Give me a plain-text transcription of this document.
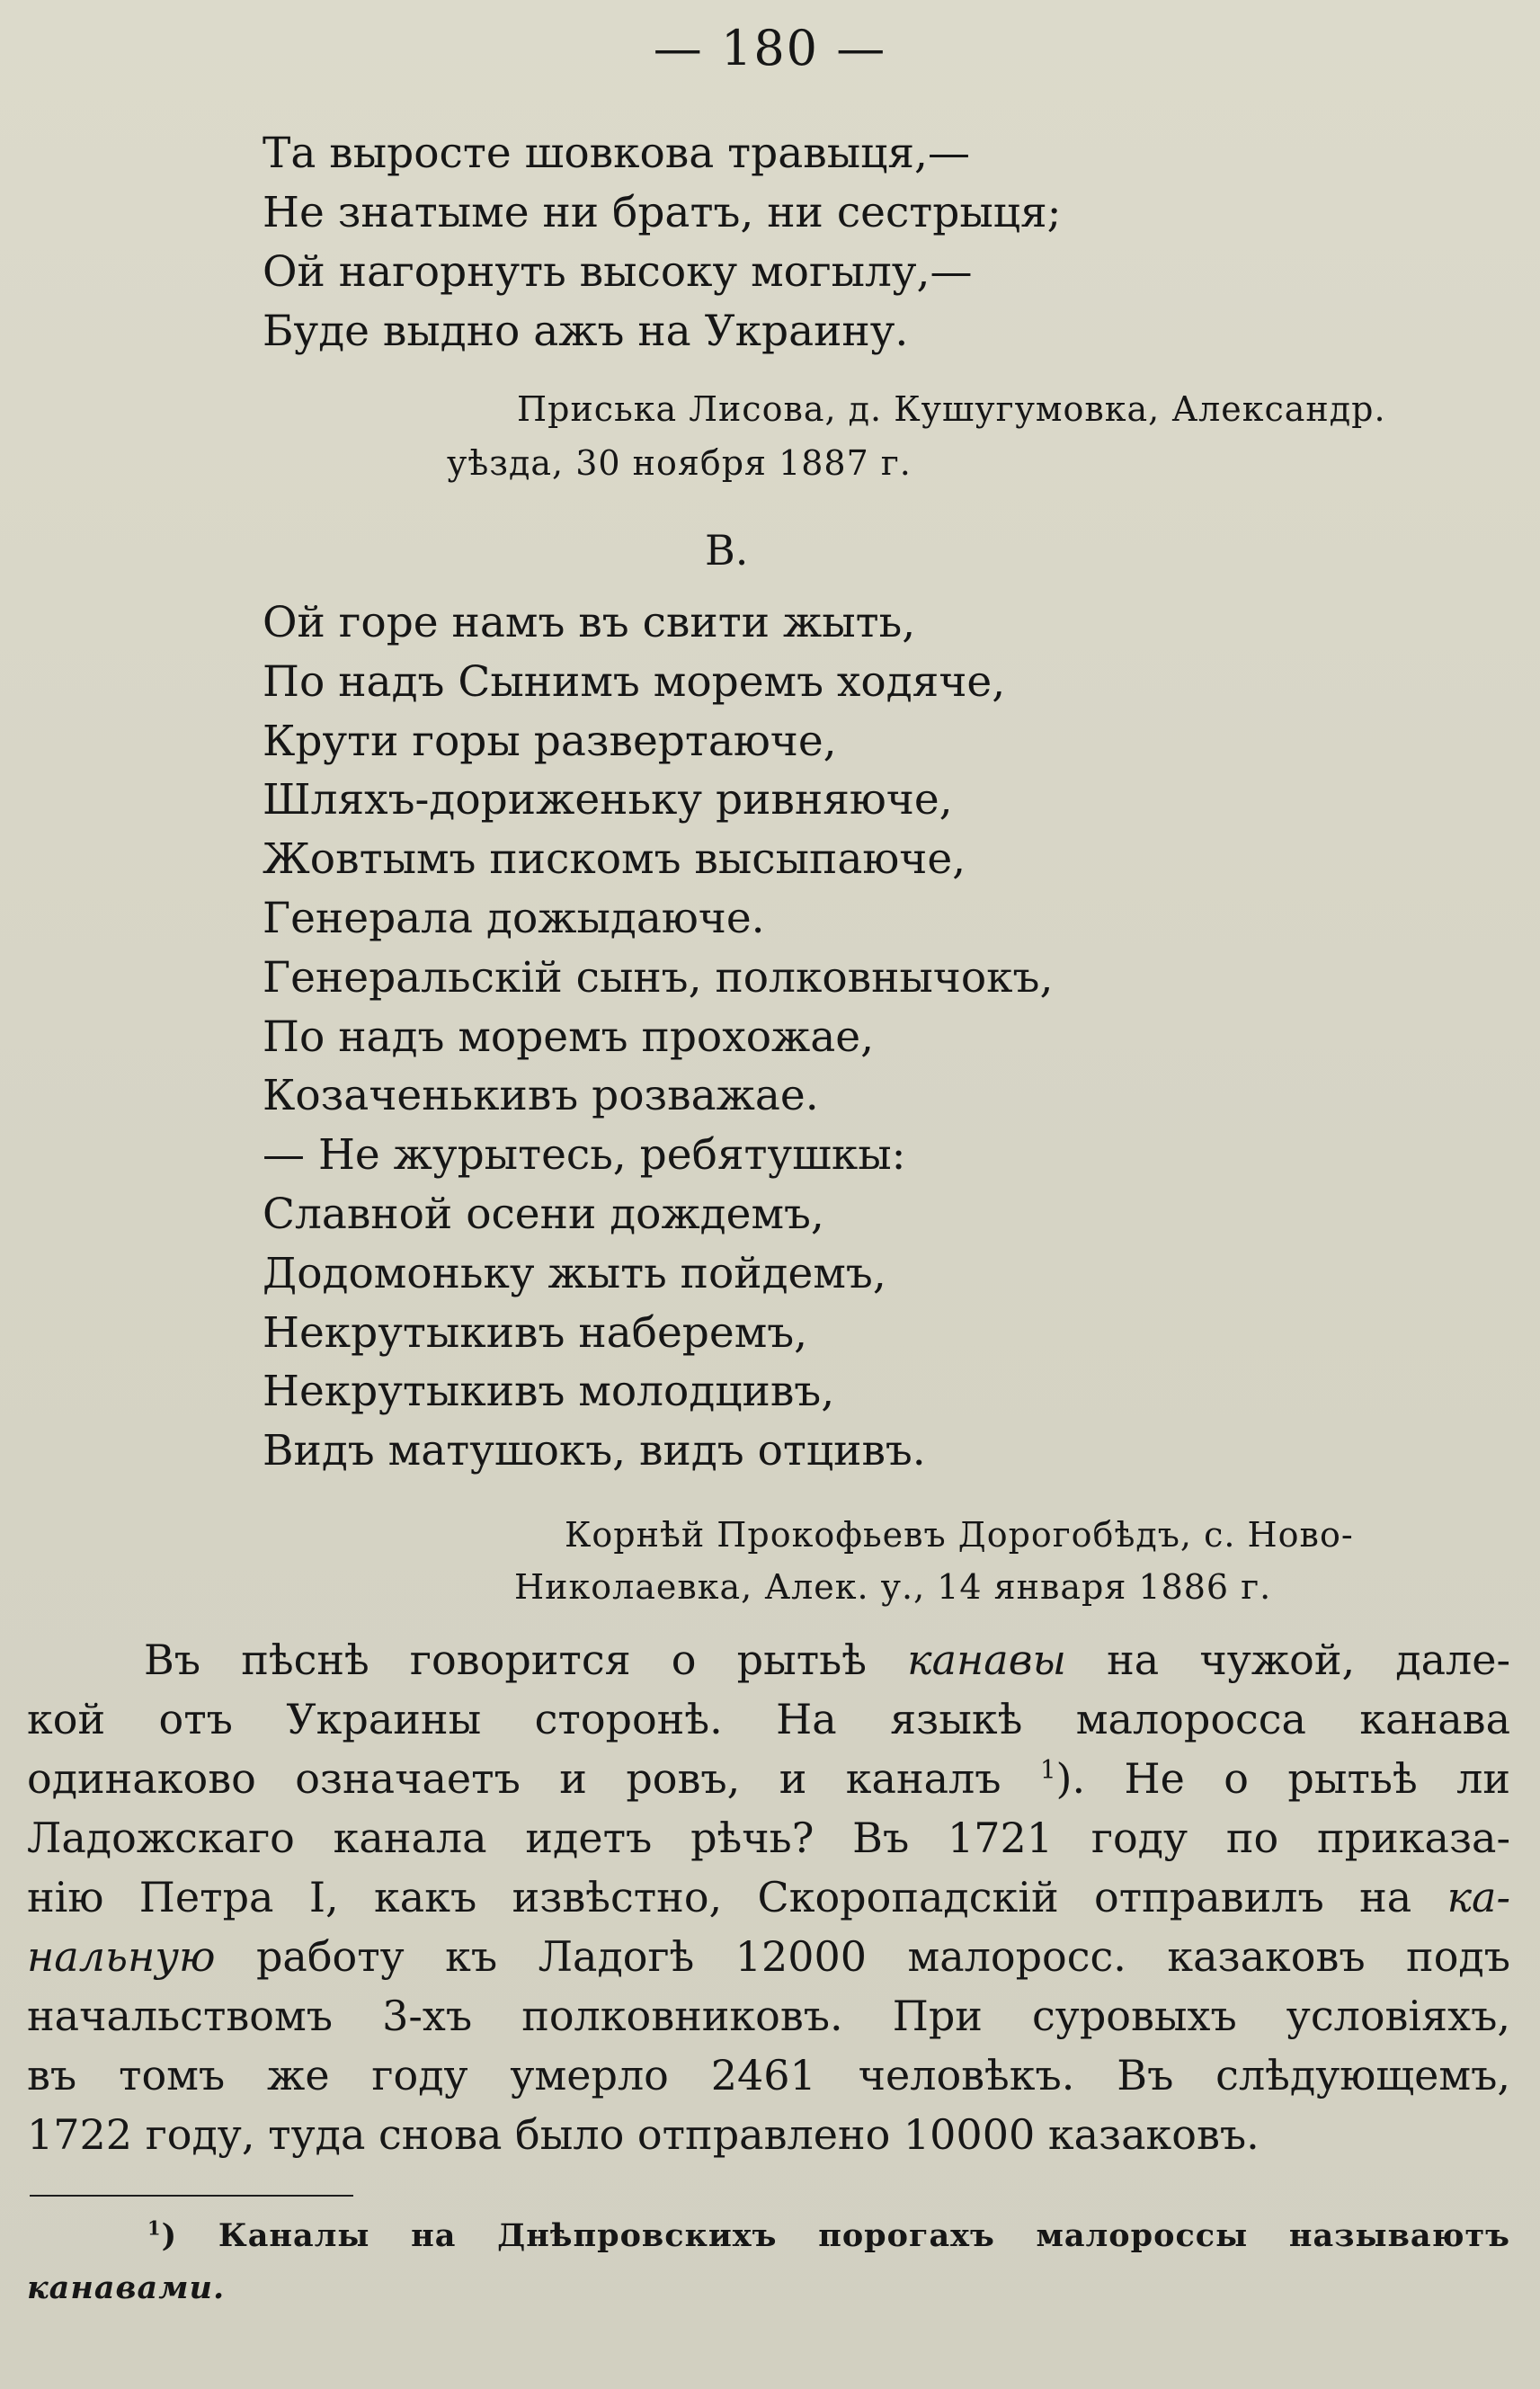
— 180 —
Та выросте шовкова травыця,—
Не знатыме ни братъ, ни сестрыця;
Ой нагорнуть высоку могылу,—
Буде выдно ажъ на Украину.
Приська Лисова, д. Кушугумовка, Александр.
уѣзда, 30 ноября 1887 г.
В.
Ой горе намъ въ свити жыть,
По надъ Сынимъ моремъ ходяче,
Крути горы развертаюче,
Шляхъ-дориженьку ривняюче,
Жовтымъ пискомъ высыпаюче,
Генерала дожыдаюче.
Генеральскій сынъ, полковнычокъ,
По надъ моремъ прохожае,
Козаченькивъ розважае.
— Не журытесь, ребятушкы:
Славной осени дождемъ,
Додомоньку жыть пойдемъ,
Некрутыкивъ наберемъ,
Некрутыкивъ молодцивъ,
Видъ матушокъ, видъ отцивъ.
Корнѣй Прокофьевъ Дорогобѣдъ, с. Ново-
Николаевка, Алек. у., 14 января 1886 г.
Въ пѣснѣ говорится о рытьѣ канавы на чужой, дале-
кой отъ Украины сторонѣ. На языкѣ малоросса канава
одинаково означаетъ и ровъ, и каналъ $^1$). Не о рытьѣ ли
Ладожскаго канала идетъ рѣчь? Въ 1721 году по приказа-
нію Петра I, какъ извѣстно, Скоропадскій отправилъ на ка-
нальную работу къ Ладогѣ 12000 малоросс. казаковъ подъ
начальствомъ 3-хъ полковниковъ. При суровыхъ условіяхъ,
въ томъ же году умерло 2461 человѣкъ. Въ слѣдующемъ,
1722 году, туда снова было отправлено 10000 казаковъ.
$^1$) Каналы на Днѣпровскихъ порогахъ малороссы называютъ
канавами.
